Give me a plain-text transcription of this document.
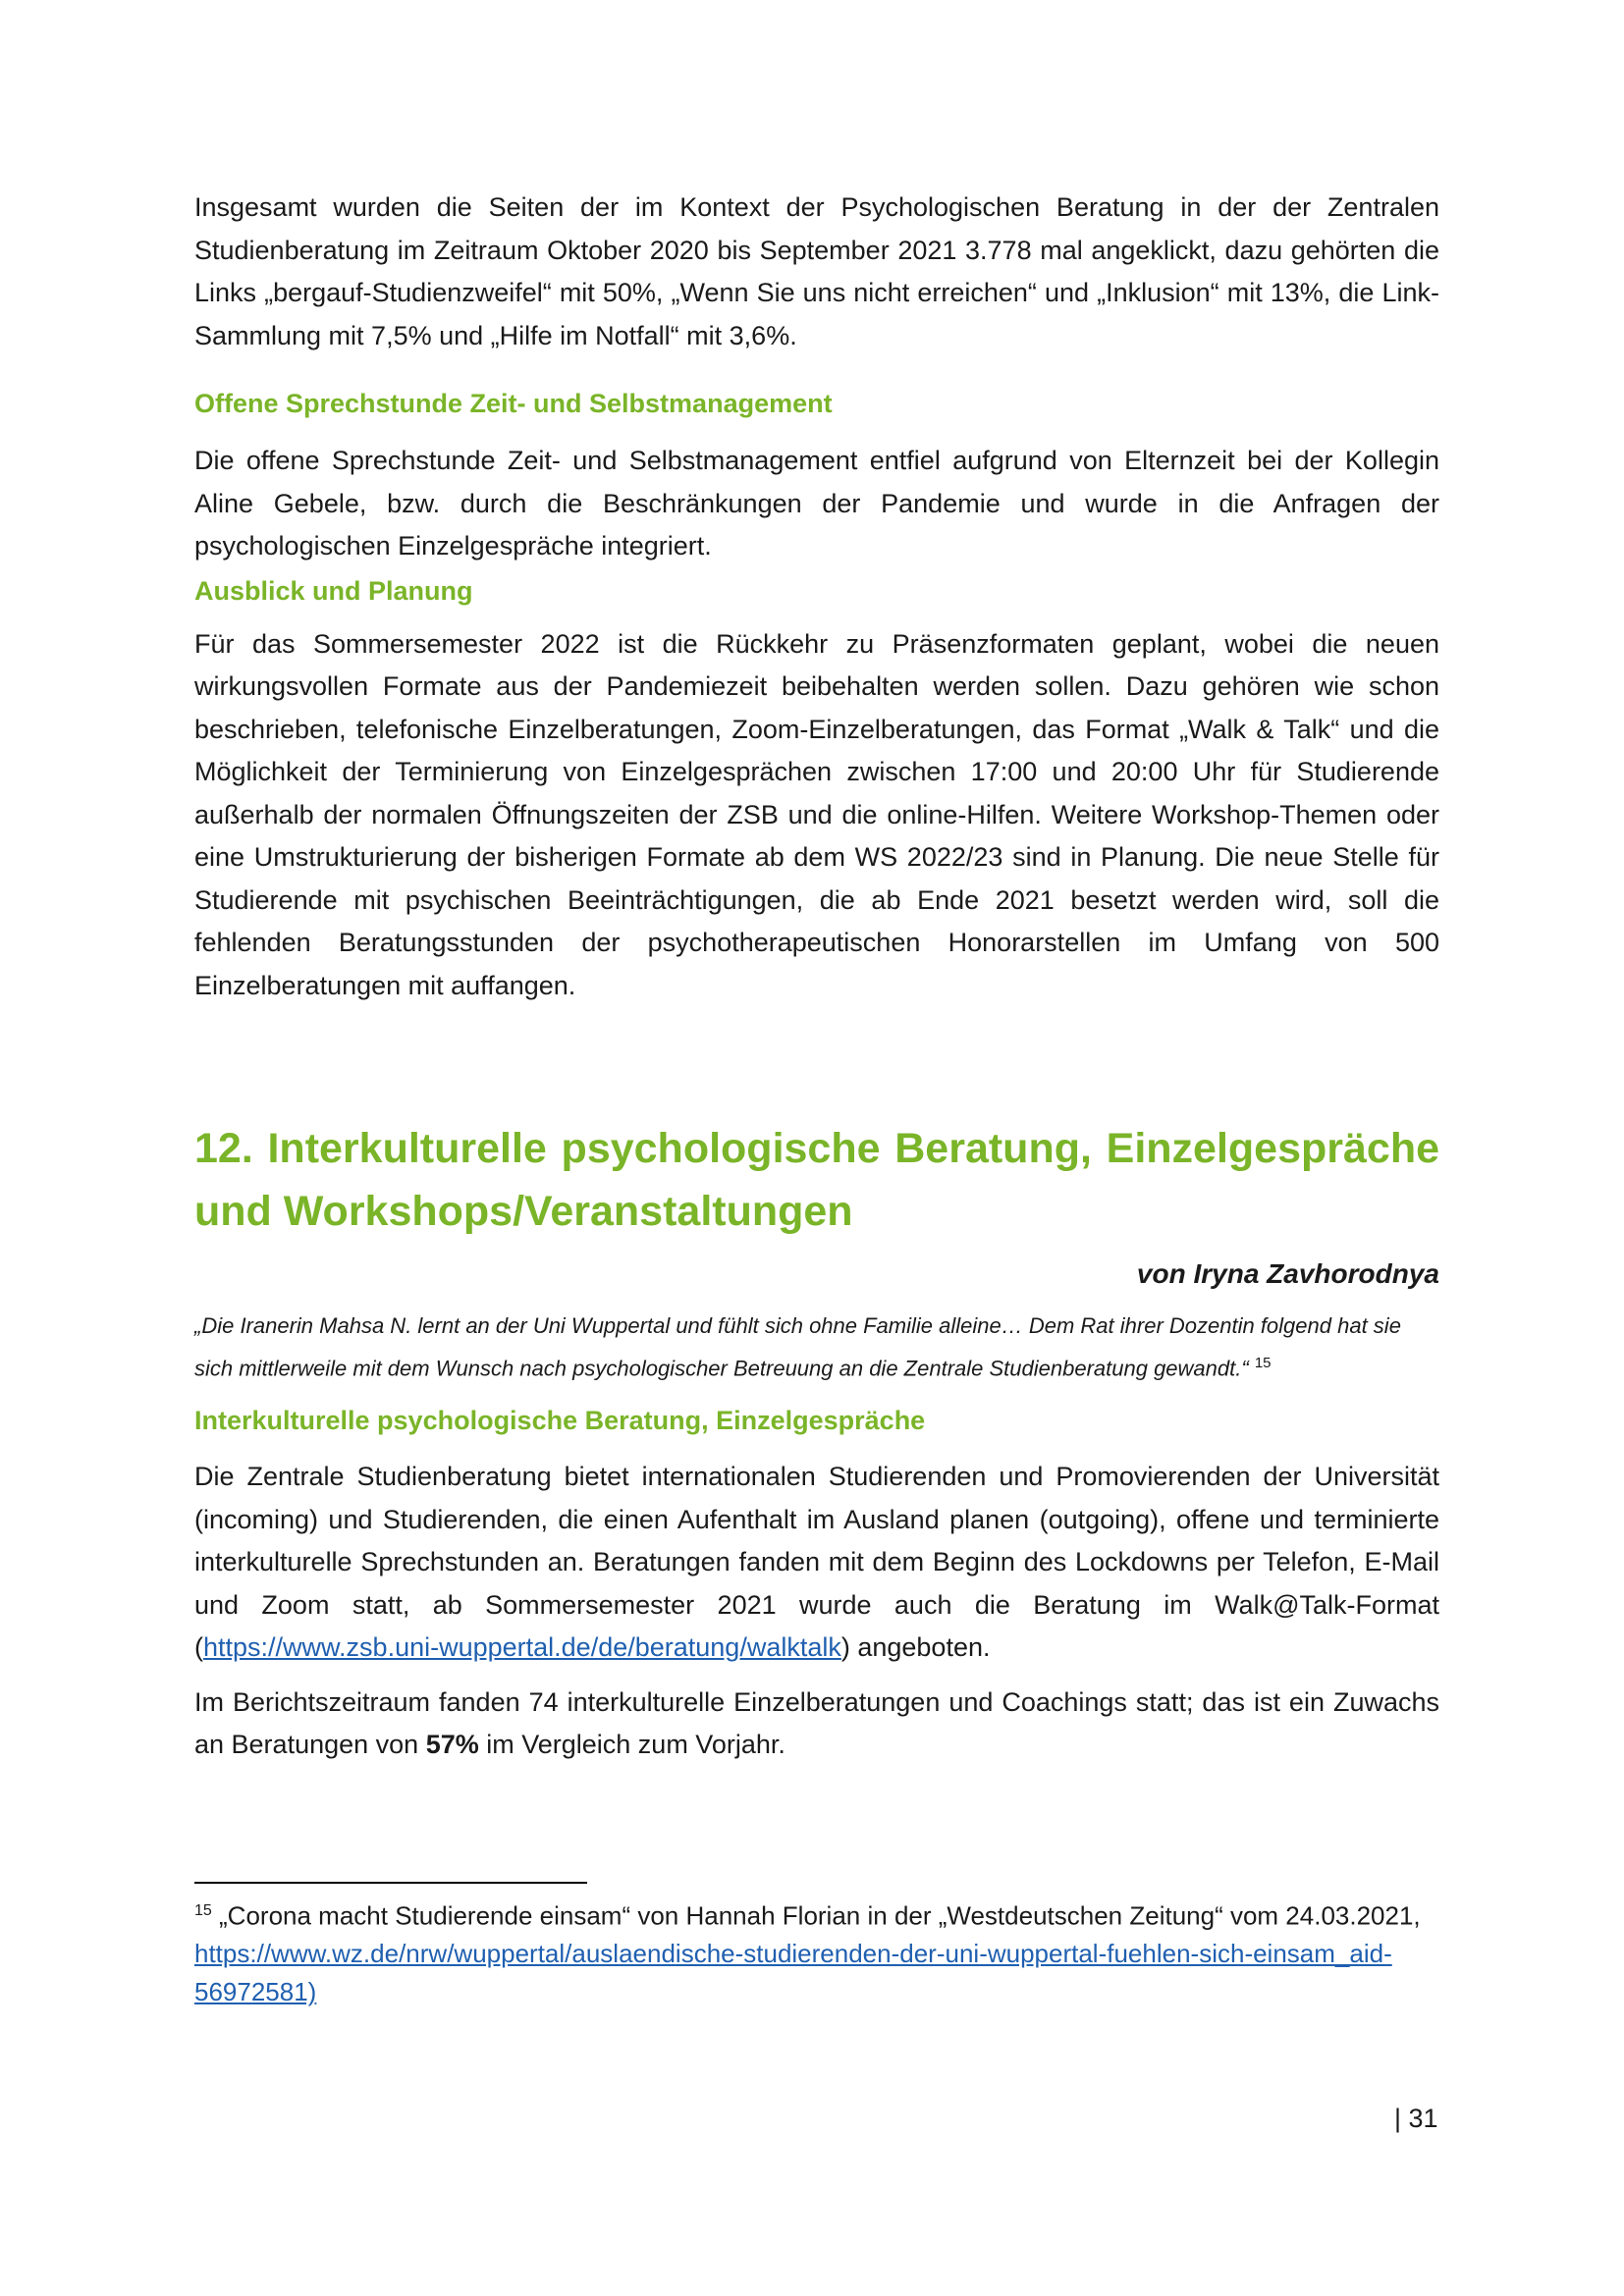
Insgesamt wurden die Seiten der im Kontext der Psychologischen Beratung in der der Zentralen Studienberatung im Zeitraum Oktober 2020 bis September 2021 3.778 mal angeklickt, dazu gehörten die Links „bergauf-Studienzweifel“ mit 50%, „Wenn Sie uns nicht erreichen“ und „Inklusion“ mit 13%, die Link-Sammlung mit 7,5% und „Hilfe im Notfall“ mit 3,6%.

Offene Sprechstunde Zeit- und Selbstmanagement

Die offene Sprechstunde Zeit- und Selbstmanagement entfiel aufgrund von Elternzeit bei der Kollegin Aline Gebele, bzw. durch die Beschränkungen der Pandemie und wurde in die Anfragen der psychologischen Einzelgespräche integriert.

Ausblick und Planung

Für das Sommersemester 2022 ist die Rückkehr zu Präsenzformaten geplant, wobei die neuen wirkungsvollen Formate aus der Pandemiezeit beibehalten werden sollen. Dazu gehören wie schon beschrieben, telefonische Einzelberatungen, Zoom-Einzelberatungen, das Format „Walk & Talk“ und die Möglichkeit der Terminierung von Einzelgesprächen zwischen 17:00 und 20:00 Uhr für Studierende außerhalb der normalen Öffnungszeiten der ZSB und die online-Hilfen. Weitere Workshop-Themen oder eine Umstrukturierung der bisherigen Formate ab dem WS 2022/23 sind in Planung. Die neue Stelle für Studierende mit psychischen Beeinträchtigungen, die ab Ende 2021 besetzt werden wird, soll die fehlenden Beratungsstunden der psychotherapeutischen Honorarstellen im Umfang von 500 Einzelberatungen mit auffangen.

12. Interkulturelle psychologische Beratung, Einzelgespräche und Workshops/Veranstaltungen

von Iryna Zavhorodnya

„Die Iranerin Mahsa N. lernt an der Uni Wuppertal und fühlt sich ohne Familie alleine… Dem Rat ihrer Dozentin folgend hat sie sich mittlerweile mit dem Wunsch nach psychologischer Betreuung an die Zentrale Studienberatung gewandt.“ $^{15}$

Interkulturelle psychologische Beratung, Einzelgespräche

Die Zentrale Studienberatung bietet internationalen Studierenden und Promovierenden der Universität (incoming) und Studierenden, die einen Aufenthalt im Ausland planen (outgoing), offene und terminierte interkulturelle Sprechstunden an. Beratungen fanden mit dem Beginn des Lockdowns per Telefon, E-Mail und Zoom statt, ab Sommersemester 2021 wurde auch die Beratung im Walk@Talk-Format (https://www.zsb.uni-wuppertal.de/de/beratung/walktalk) angeboten.

Im Berichtszeitraum fanden 74 interkulturelle Einzelberatungen und Coachings statt; das ist ein Zuwachs an Beratungen von 57% im Vergleich zum Vorjahr.

$^{15}$ „Corona macht Studierende einsam“ von Hannah Florian in der „Westdeutschen Zeitung“ vom 24.03.2021, https://www.wz.de/nrw/wuppertal/auslaendische-studierenden-der-uni-wuppertal-fuehlen-sich-einsam_aid-56972581)

| 31
